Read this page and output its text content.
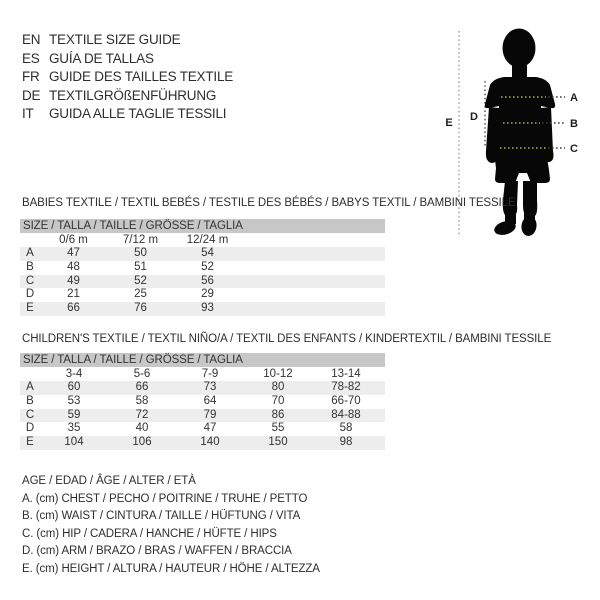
EN TEXTILE SIZE GUIDE
ES GUÍA DE TALLAS
FR GUIDE DES TAILLES TEXTILE
DE TEXTILGRÖßENFÜHRUNG
IT	GUIDA ALLE TAGLIE TESSILI
A
B
C
D
E
BABIES TEXTILE / TEXTIL BEBÉS / TESTILE DES BÉBÉS / BABYS TEXTIL / BAMBINI TESSILE
SIZE / TALLA / TAILLE / GRÖSSE / TAGLIA
	0/6 m	7/12 m	12/24 m	
A	47	50	54	
B	48	51	52	
C	49	52	56	
D	21	25	29	
E	66	76	93	
CHILDREN'S TEXTILE / TEXTIL NIÑO/A / TEXTIL DES ENFANTS / KINDERTEXTIL / BAMBINI TESSILE
SIZE / TALLA / TAILLE / GRÖSSE / TAGLIA
	3-4	5-6	7-9	10-12	13-14	
A	60	66	73	80	78-82	
B	53	58	64	70	66-70	
C	59	72	79	86	84-88	
D	35	40	47	55	58	
E	104	106	140	150	98	
AGE / EDAD / ÂGE / ALTER / ETÀ
A. (cm) CHEST / PECHO / POITRINE / TRUHE / PETTO
B. (cm) WAIST / CINTURA / TAILLE / HÜFTUNG / VITA
C. (cm) HIP / CADERA / HANCHE / HÜFTE / HIPS
D. (cm) ARM / BRAZO / BRAS / WAFFEN / BRACCIA
E. (cm) HEIGHT / ALTURA / HAUTEUR / HÖHE / ALTEZZA
